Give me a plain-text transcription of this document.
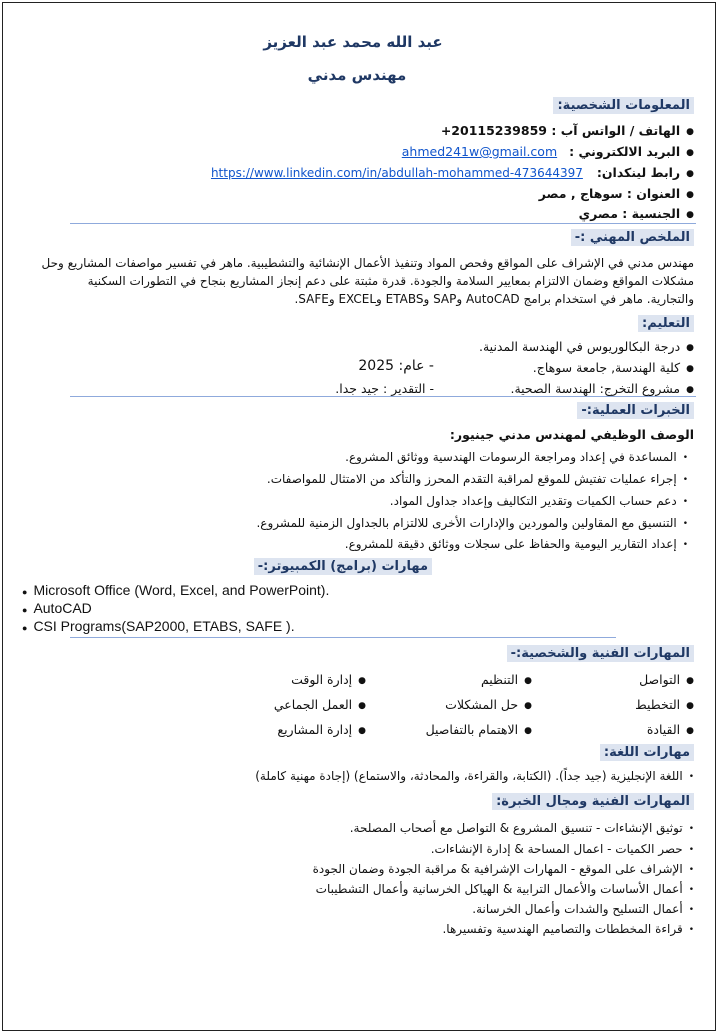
عبد الله محمد عبد العزيز
مهندس مدني
المعلومات الشخصية:
●الهاتف / الواتس آب : +20115239859
●البريد الالكتروني : ahmed241w@gmail.com
●رابط لينكدان: https://www.linkedin.com/in/abdullah-mohammed-473644397
●العنوان : سوهاج , مصر
●الجنسية : مصري
الملخص المهني :-
مهندس مدني في الإشراف على المواقع وفحص المواد وتنفيذ الأعمال الإنشائية والتشطيبية. ماهر في تفسير مواصفات المشاريع وحل
مشكلات المواقع وضمان الالتزام بمعايير السلامة والجودة. قدرة مثبتة على دعم إنجاز المشاريع بنجاح في التطورات السكنية
والتجارية. ماهر في استخدام برامج AutoCAD وSAP وETABS وEXCEL وSAFE.
التعليم:
●درجة البكالوريوس في الهندسة المدنية.
●كلية الهندسة, جامعة سوهاج.
- عام: 2025
●مشروع التخرج: الهندسة الصحية.
- التقدير : جيد جدا.
الخبرات العملية:-
الوصف الوظيفي لمهندس مدني جينيور:
•المساعدة في إعداد ومراجعة الرسومات الهندسية ووثائق المشروع.
•إجراء عمليات تفتيش للموقع لمراقبة التقدم المحرز والتأكد من الامتثال للمواصفات.
•دعم حساب الكميات وتقدير التكاليف وإعداد جداول المواد.
•التنسيق مع المقاولين والموردين والإدارات الأخرى للالتزام بالجداول الزمنية للمشروع.
•إعداد التقارير اليومية والحفاظ على سجلات ووثائق دقيقة للمشروع.
مهارات (برامج) الكمبيوتر:-
● Microsoft Office (Word, Excel, and PowerPoint).
● AutoCAD
● CSI Programs(SAP2000, ETABS, SAFE ).
المهارات الفنية والشخصية:-
●التواصل
●التنظيم
●إدارة الوقت
●التخطيط
●حل المشكلات
●العمل الجماعي
●القيادة
●الاهتمام بالتفاصيل
●إدارة المشاريع
مهارات اللغة:
•اللغة الإنجليزية (جيد جداً). (الكتابة، والقراءة، والمحادثة، والاستماع) (إجادة مهنية كاملة)
المهارات الفنية ومجال الخبرة:
•توثيق الإنشاءات - تنسيق المشروع & التواصل مع أصحاب المصلحة.
•حصر الكميات - اعمال المساحة & إدارة الإنشاءات.
•الإشراف على الموقع - المهارات الإشرافية & مراقبة الجودة وضمان الجودة
•أعمال الأساسات والأعمال الترابية & الهياكل الخرسانية وأعمال التشطيبات
•أعمال التسليح والشدات وأعمال الخرسانة.
•قراءة المخططات والتصاميم الهندسية وتفسيرها.
